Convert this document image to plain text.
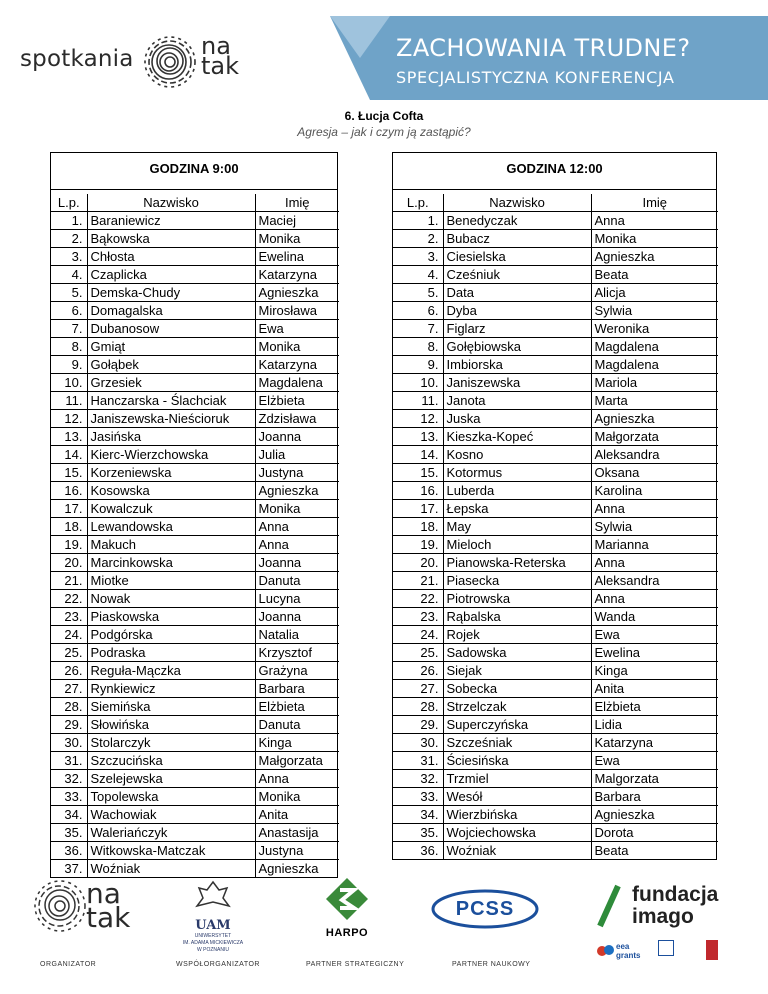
spotkania	na
tak
ZACHOWANIA TRUDNE?
SPECJALISTYCZNA KONFERENCJA
6. Łucja Cofta
Agresja – jak i czym ją zastąpić?
GODZINA 9:00
L.p.	Nazwisko	Imię
1.	Baraniewicz	Maciej
2.	Bąkowska	Monika
3.	Chłosta	Ewelina
4.	Czaplicka	Katarzyna
5.	Demska-Chudy	Agnieszka
6.	Domagalska	Mirosława
7.	Dubanosow	Ewa
8.	Gmiąt	Monika
9.	Gołąbek	Katarzyna
10.	Grzesiek	Magdalena
11.	Hanczarska - Ślachciak	Elżbieta
12.	Janiszewska-Nieścioruk	Zdzisława
13.	Jasińska	Joanna
14.	Kierc-Wierzchowska	Julia
15.	Korzeniewska	Justyna
16.	Kosowska	Agnieszka
17.	Kowalczuk	Monika
18.	Lewandowska	Anna
19.	Makuch	Anna
20.	Marcinkowska	Joanna
21.	Miotke	Danuta
22.	Nowak	Lucyna
23.	Piaskowska	Joanna
24.	Podgórska	Natalia
25.	Podraska	Krzysztof
26.	Reguła-Mączka	Grażyna
27.	Rynkiewicz	Barbara
28.	Siemińska	Elżbieta
29.	Słowińska	Danuta
30.	Stolarczyk	Kinga
31.	Szczucińska	Małgorzata
32.	Szelejewska	Anna
33.	Topolewska	Monika
34.	Wachowiak	Anita
35.	Waleriańczyk	Anastasija
36.	Witkowska-Matczak	Justyna
37.	Woźniak	Agnieszka
GODZINA 12:00
L.p.	Nazwisko	Imię
1.	Benedyczak	Anna
2.	Bubacz	Monika
3.	Ciesielska	Agnieszka
4.	Cześniuk	Beata
5.	Data	Alicja
6.	Dyba	Sylwia
7.	Figlarz	Weronika
8.	Gołębiowska	Magdalena
9.	Imbiorska	Magdalena
10.	Janiszewska	Mariola
11.	Janota	Marta
12.	Juska	Agnieszka
13.	Kieszka-Kopeć	Małgorzata
14.	Kosno	Aleksandra
15.	Kotormus	Oksana
16.	Luberda	Karolina
17.	Łepska	Anna
18.	May	Sylwia
19.	Mieloch	Marianna
20.	Pianowska-Reterska	Anna
21.	Piasecka	Aleksandra
22.	Piotrowska	Anna
23.	Rąbalska	Wanda
24.	Rojek	Ewa
25.	Sadowska	Ewelina
26.	Siejak	Kinga
27.	Sobecka	Anita
28.	Strzelczak	Elżbieta
29.	Superczyńska	Lidia
30.	Szcześniak	Katarzyna
31.	Ściesińska	Ewa
32.	Trzmiel	Malgorzata
33.	Wesół	Barbara
34.	Wierzbińska	Agnieszka
35.	Wojciechowska	Dorota
36.	Woźniak	Beata
na
tak	UAM
UNIWERSYTET
IM. ADAMA MICKIEWICZA
W POZNANIU
HARPO
PCSS
fundacja
imago
eea grants
ORGANIZATOR	WSPÓŁORGANIZATOR	PARTNER STRATEGICZNY	PARTNER NAUKOWY
